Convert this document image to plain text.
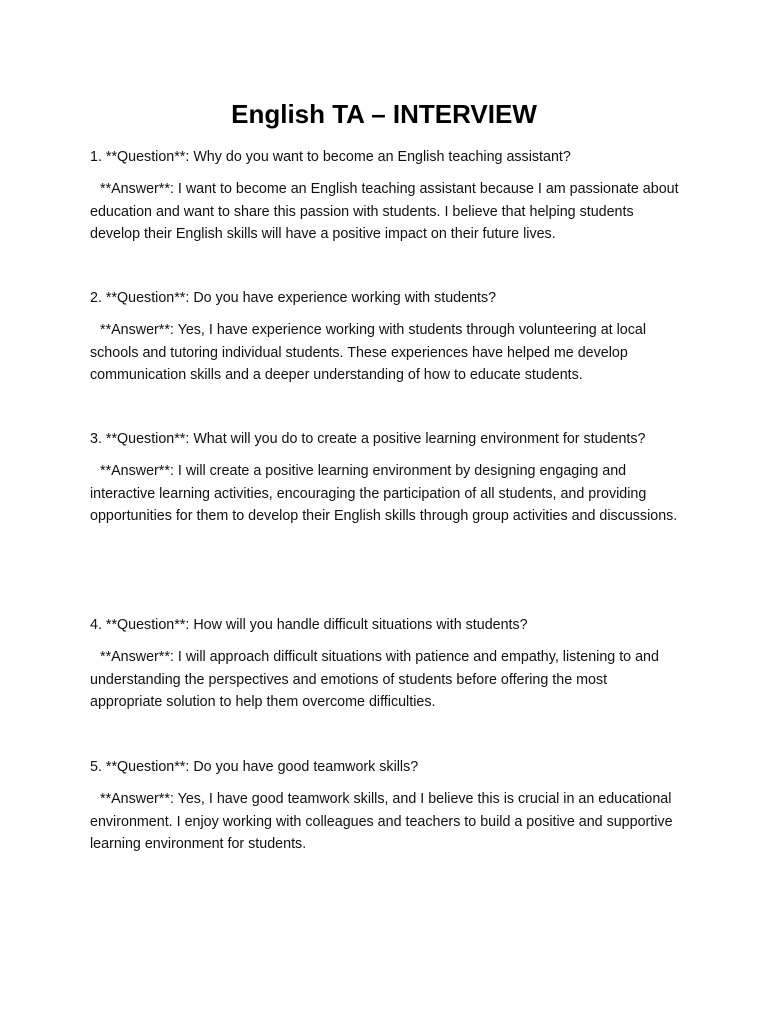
English TA – INTERVIEW

1. **Question**: Why do you want to become an English teaching assistant?

**Answer**: I want to become an English teaching assistant because I am passionate about education and want to share this passion with students. I believe that helping students develop their English skills will have a positive impact on their future lives.

2. **Question**: Do you have experience working with students?

**Answer**: Yes, I have experience working with students through volunteering at local schools and tutoring individual students. These experiences have helped me develop communication skills and a deeper understanding of how to educate students.

3. **Question**: What will you do to create a positive learning environment for students?

**Answer**: I will create a positive learning environment by designing engaging and interactive learning activities, encouraging the participation of all students, and providing opportunities for them to develop their English skills through group activities and discussions.

4. **Question**: How will you handle difficult situations with students?

**Answer**: I will approach difficult situations with patience and empathy, listening to and understanding the perspectives and emotions of students before offering the most appropriate solution to help them overcome difficulties.

5. **Question**: Do you have good teamwork skills?

**Answer**: Yes, I have good teamwork skills, and I believe this is crucial in an educational environment. I enjoy working with colleagues and teachers to build a positive and supportive learning environment for students.
